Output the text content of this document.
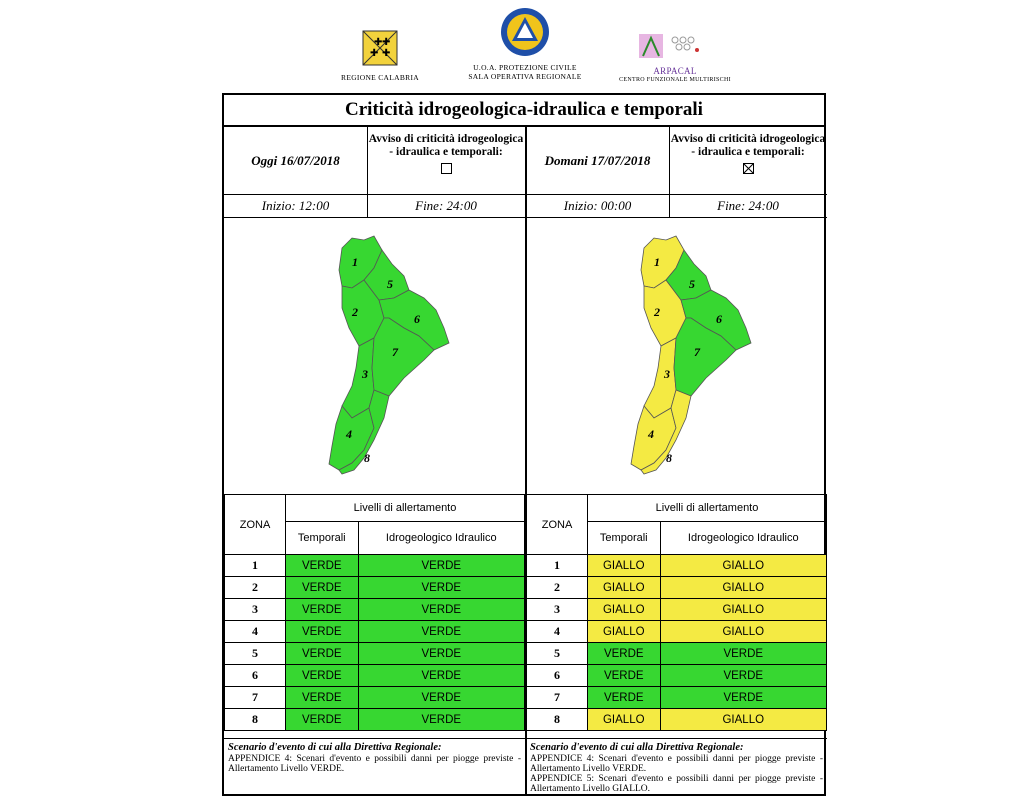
✚ ✚
✚ ✚
REGIONE CALABRIA
U.O.A. PROTEZIONE CIVILE
SALA OPERATIVA REGIONALE
ARPACAL
CENTRO FUNZIONALE MULTIRISCHI
Criticità idrogeologica-idraulica e temporali
Oggi 16/07/2018
Avviso di criticità idrogeologica - idraulica e temporali:
Inizio: 12:00	Fine: 24:00
1
2
3
4
5
6
7
8
ZONA	Livelli di allertamento	
	Temporali	Idrogeologico Idraulico
1	VERDE	VERDE
2	VERDE	VERDE
3	VERDE	VERDE
4	VERDE	VERDE
5	VERDE	VERDE
6	VERDE	VERDE
7	VERDE	VERDE
8	VERDE	VERDE
Scenario d'evento di cui alla Direttiva Regionale:

APPENDICE 4: Scenari d'evento e possibili danni per piogge previste - Allertamento Livello VERDE.

Domani 17/07/2018
Avviso di criticità idrogeologica - idraulica e temporali:
Inizio: 00:00	Fine: 24:00
1
2
3
4
5
6
7
8
ZONA	Livelli di allertamento	
	Temporali	Idrogeologico Idraulico
1	GIALLO	GIALLO
2	GIALLO	GIALLO
3	GIALLO	GIALLO
4	GIALLO	GIALLO
5	VERDE	VERDE
6	VERDE	VERDE
7	VERDE	VERDE
8	GIALLO	GIALLO
Scenario d'evento di cui alla Direttiva Regionale:

APPENDICE 4: Scenari d'evento e possibili danni per piogge previste - Allertamento Livello VERDE.

APPENDICE 5: Scenari d'evento e possibili danni per piogge previste - Allertamento Livello GIALLO.
